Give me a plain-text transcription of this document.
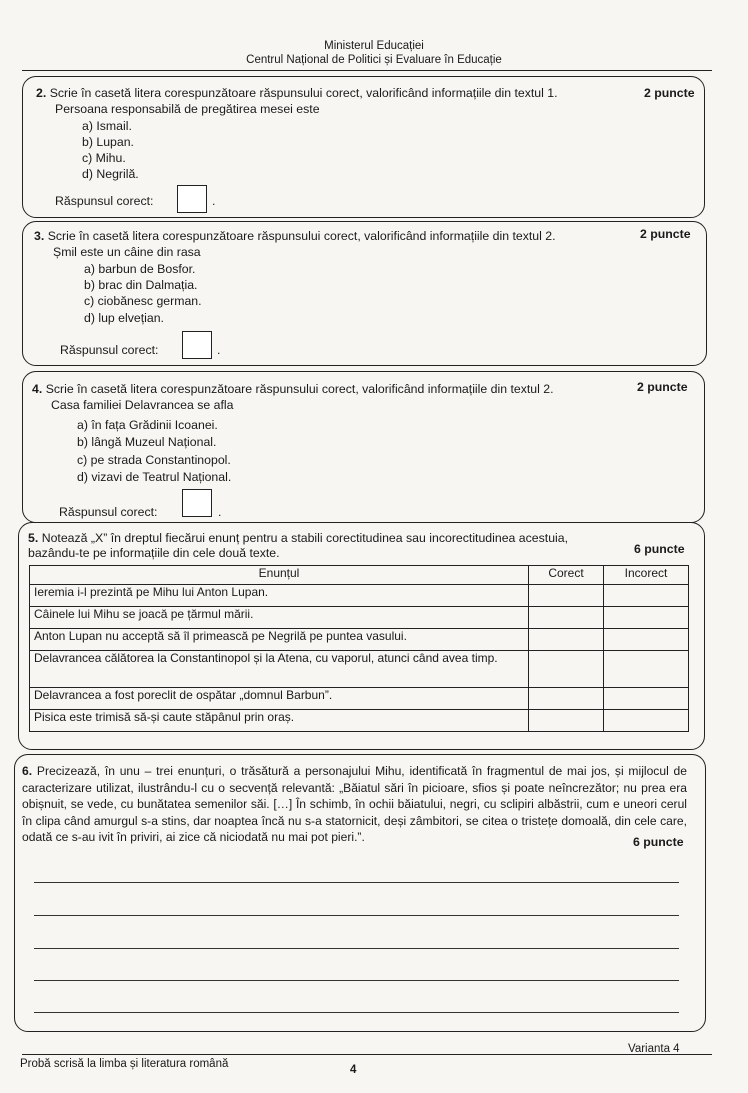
Ministerul Educației
Centrul Național de Politici și Evaluare în Educație
2. Scrie în casetă litera corespunzătoare răspunsului corect, valorificând informațiile din textul 1.	2 puncte
Persoana responsabilă de pregătirea mesei este
a) Ismail.
b) Lupan.
c) Mihu.
d) Negrilă.
Răspunsul corect:	.
3. Scrie în casetă litera corespunzătoare răspunsului corect, valorificând informațiile din textul 2.	2 puncte
Șmil este un câine din rasa
a) barbun de Bosfor.
b) brac din Dalmația.
c) ciobănesc german.
d) lup elvețian.
Răspunsul corect:	.
4. Scrie în casetă litera corespunzătoare răspunsului corect, valorificând informațiile din textul 2.	2 puncte
Casa familiei Delavrancea se afla
a) în fața Grădinii Icoanei.
b) lângă Muzeul Național.
c) pe strada Constantinopol.
d) vizavi de Teatrul Național.
Răspunsul corect:	.
5. Notează „X” în dreptul fiecărui enunț pentru a stabili corectitudinea sau incorectitudinea acestuia,
bazându-te pe informațiile din cele două texte.	6 puncte
Enunțul	Corect	Incorect
Ieremia i-l prezintă pe Mihu lui Anton Lupan.		
Câinele lui Mihu se joacă pe țărmul mării.		
Anton Lupan nu acceptă să îl primească pe Negrilă pe puntea vasului.		
Delavrancea călătorea la Constantinopol și la Atena, cu vaporul, atunci când avea timp.		
Delavrancea a fost poreclit de ospătar „domnul Barbun”.		
Pisica este trimisă să-și caute stăpânul prin oraș.		
6. Precizează, în unu – trei enunțuri, o trăsătură a personajului Mihu, identificată în fragmentul de mai jos, și mijlocul de caracterizare utilizat, ilustrându-l cu o secvență relevantă: „Băiatul sări în picioare, sfios și poate neîncrezător; nu prea era obișnuit, se vede, cu bunătatea semenilor săi. […] În schimb, în ochii băiatului, negri, cu sclipiri albăstrii, cum e uneori cerul în clipa când amurgul s-a stins, dar noaptea încă nu s-a statornicit, deși zâmbitori, se citea o tristețe domoală, din cele care, odată ce s-au ivit în priviri, ai zice că niciodată nu mai pot pieri.”.	6 puncte
Probă scrisă la limba și literatura română
Varianta 4
4
